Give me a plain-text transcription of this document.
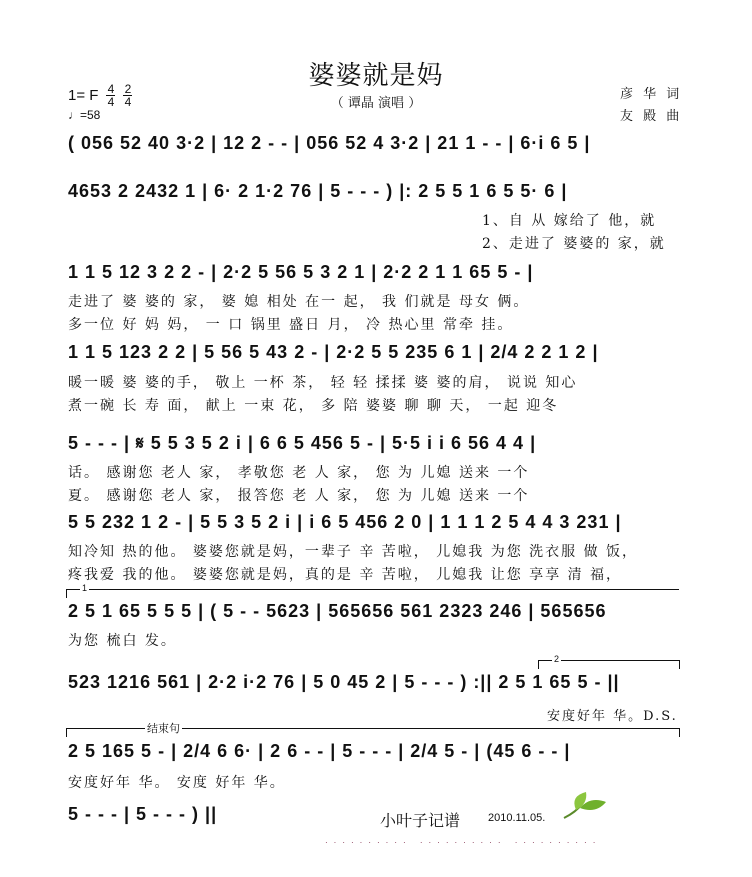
婆婆就是妈
（ 谭晶 演唱 ）
1= F $\frac{4}{4} \frac{2}{4}$
♩=58
彦 华 词
友 殿 曲
( 056 52 40 3·2 | 12 2 - - | 056 52 4 3·2 | 21 1 - - | 6·i 6 5 |
4653 2 2432 1 | 6· 2 1·2 76 | 5 - - - ) |: 2 5 5 1 6 5 5· 6 |
1、自 从 嫁给了 他，就
2、走进了 婆婆的 家，就
1 1 5 12 3 2 2 - | 2·2 5 56 5 3 2 1 | 2·2 2 1 1 65 5 - |
走进了 婆 婆的 家， 婆 媳 相处 在一 起， 我 们就是 母女 俩。
多一位 好 妈 妈， 一 口 锅里 盛日 月， 冷 热心里 常牵 挂。
1 1 5 123 2 2 | 5 56 5 43 2 - | 2·2 5 5 235 6 1 | 2/4 2 2 1 2 |
暖一暖 婆 婆的手， 敬上 一杯 茶， 轻 轻 揉揉 婆 婆的肩， 说说 知心
煮一碗 长 寿 面， 献上 一束 花， 多 陪 婆婆 聊 聊 天， 一起 迎冬
5 - - - | 𝄋 5 5 3 5 2 i | 6 6 5 456 5 - | 5·5 i i 6 56 4 4 |
话。 感谢您 老人 家， 孝敬您 老 人 家， 您 为 儿媳 送来 一个
夏。 感谢您 老人 家， 报答您 老 人 家， 您 为 儿媳 送来 一个
5 5 232 1 2 - | 5 5 3 5 2 i | i 6 5 456 2 0 | 1 1 1 2 5 4 4 3 231 |
知冷知 热的他。 婆婆您就是妈，一辈子 辛 苦啦， 儿媳我 为您 洗衣服 做 饭，
疼我爱 我的他。 婆婆您就是妈，真的是 辛 苦啦， 儿媳我 让您 享享 清 福，
1
2 5 1 65 5 5 5 | ( 5 - - 5623 | 565656 561 2323 246 | 565656
为您 梳白 发。
2
523 1216 561 | 2·2 i·2 76 | 5 0 45 2 | 5 - - - ) :|| 2 5 1 65 5 - ||
安度好年 华。D.S.
结束句
2 5 165 5 - | 2/4 6 6· | 2 6 - - | 5 - - - | 2/4 5 - | (45 6 - - |
安度好年 华。 安度 好年 华。
5 - - - | 5 - - - ) ||	小叶子记谱	2010.11.05.
·········· ·········· ··········
